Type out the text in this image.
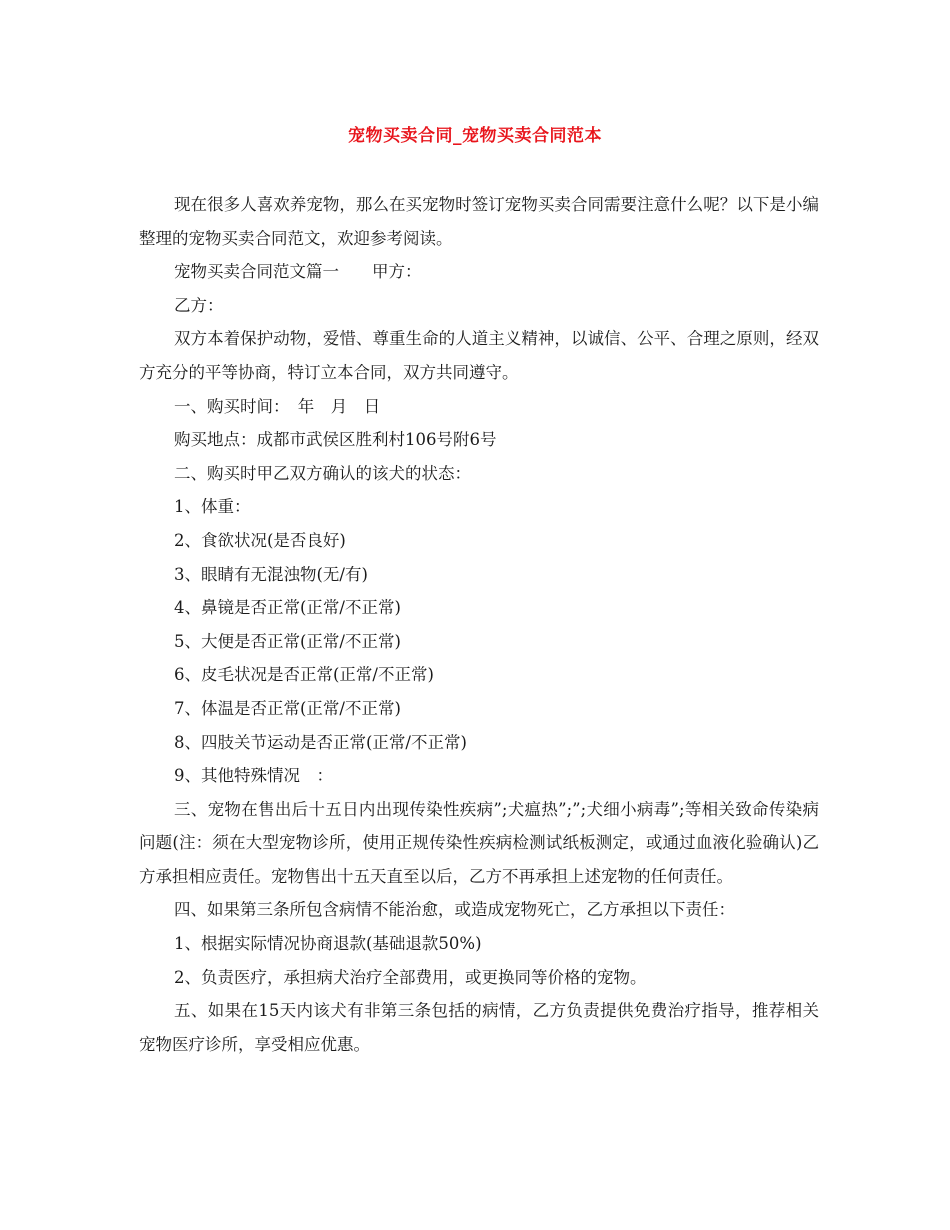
宠物买卖合同_宠物买卖合同范本

现在很多人喜欢养宠物，那么在买宠物时签订宠物买卖合同需要注意什么呢？以下是小编整理的宠物买卖合同范文，欢迎参考阅读。

宠物买卖合同范文篇一　　甲方：

乙方：

双方本着保护动物，爱惜、尊重生命的人道主义精神，以诚信、公平、合理之原则，经双方充分的平等协商，特订立本合同，双方共同遵守。

一、购买时间：　年　月　日

购买地点：成都市武侯区胜利村106号附6号

二、购买时甲乙双方确认的该犬的状态：

1、体重：

2、食欲状况(是否良好)

3、眼睛有无混浊物(无/有)

4、鼻镜是否正常(正常/不正常)

5、大便是否正常(正常/不正常)

6、皮毛状况是否正常(正常/不正常)

7、体温是否正常(正常/不正常)

8、四肢关节运动是否正常(正常/不正常)

9、其他特殊情况　：

三、宠物在售出后十五日内出现传染性疾病”;犬瘟热”;”;犬细小病毒”;等相关致命传染病问题(注：须在大型宠物诊所，使用正规传染性疾病检测试纸板测定，或通过血液化验确认)乙方承担相应责任。宠物售出十五天直至以后，乙方不再承担上述宠物的任何责任。

四、如果第三条所包含病情不能治愈，或造成宠物死亡，乙方承担以下责任：

1、根据实际情况协商退款(基础退款50%)

2、负责医疗，承担病犬治疗全部费用，或更换同等价格的宠物。

五、如果在15天内该犬有非第三条包括的病情，乙方负责提供免费治疗指导，推荐相关宠物医疗诊所，享受相应优惠。
